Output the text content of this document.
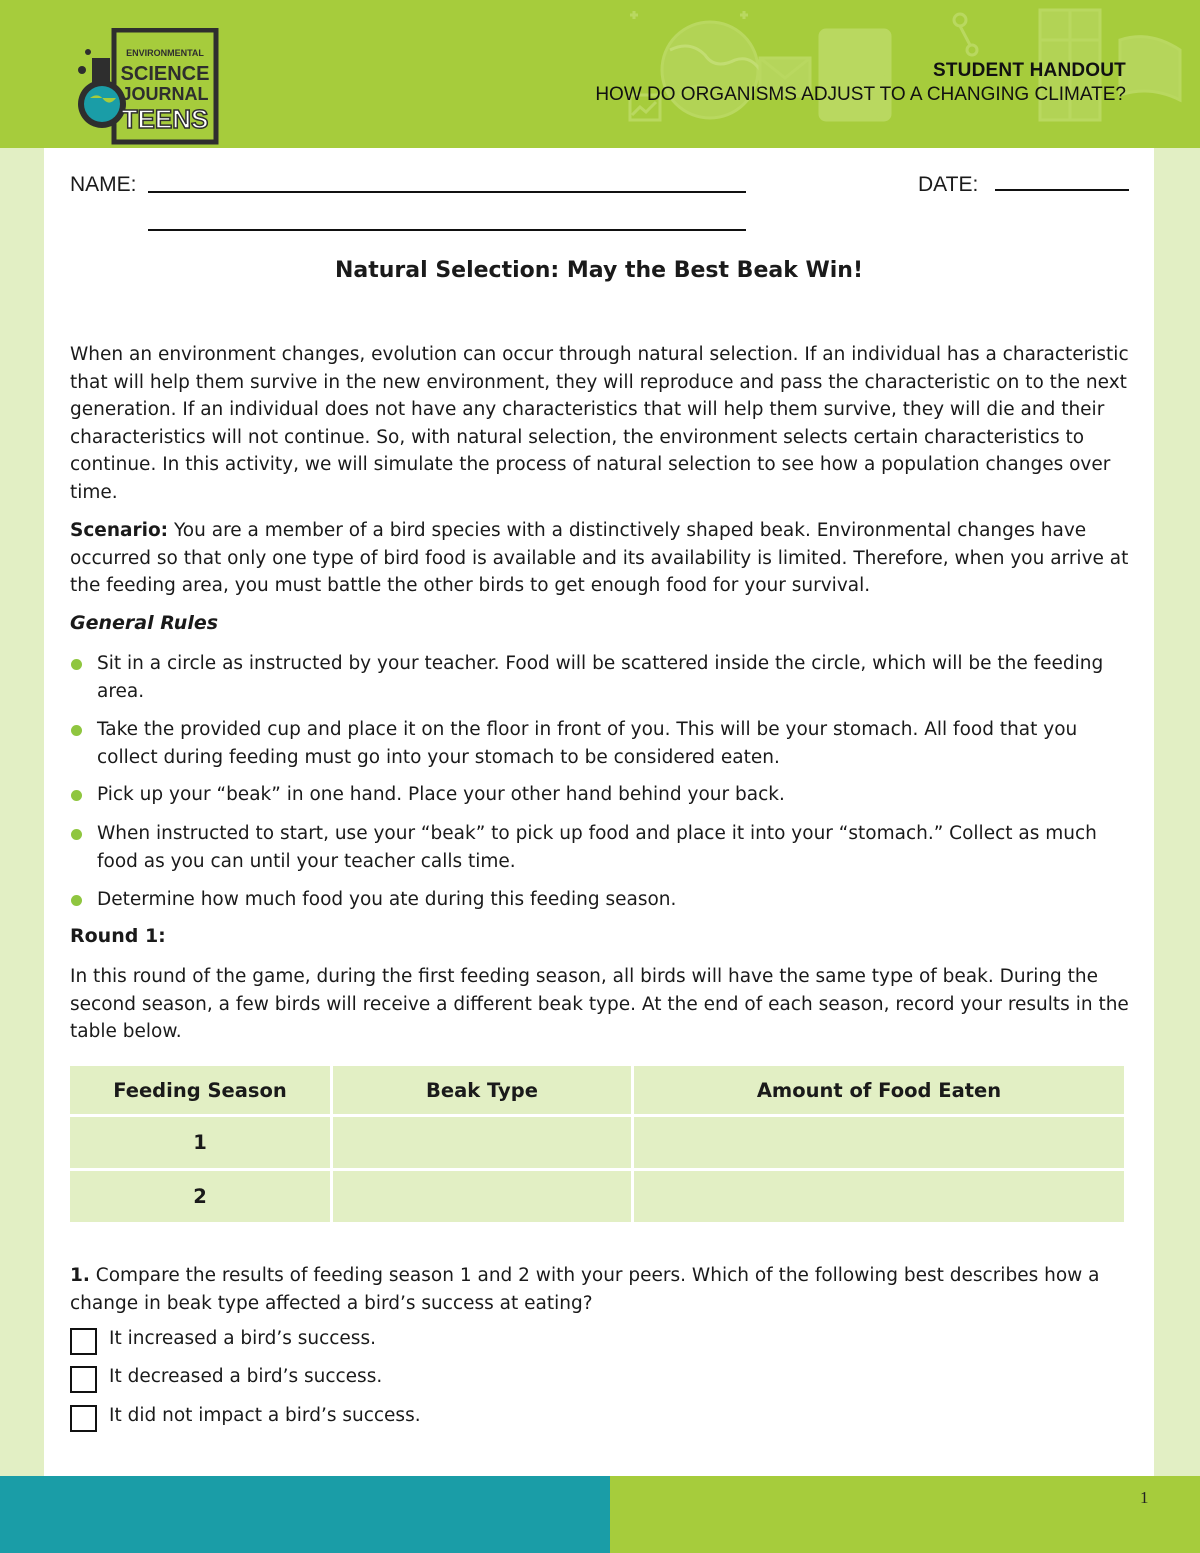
ENVIRONMENTAL
SCIENCE
JOURNAL
TEENS
STUDENT HANDOUT
HOW DO ORGANISMS ADJUST TO A CHANGING CLIMATE?
NAME:	DATE:
Natural Selection: May the Best Beak Win!
When an environment changes, evolution can occur through natural selection. If an individual has a characteristic that will help them survive in the new environment, they will reproduce and pass the characteristic on to the next generation. If an individual does not have any characteristics that will help them survive, they will die and their characteristics will not continue. So, with natural selection, the environment selects certain characteristics to continue. In this activity, we will simulate the process of natural selection to see how a population changes over time.
Scenario: You are a member of a bird species with a distinctively shaped beak. Environmental changes have occurred so that only one type of bird food is available and its availability is limited. Therefore, when you arrive at the feeding area, you must battle the other birds to get enough food for your survival.
General Rules
Sit in a circle as instructed by your teacher. Food will be scattered inside the circle, which will be the feeding area.
Take the provided cup and place it on the floor in front of you. This will be your stomach. All food that you collect during feeding must go into your stomach to be considered eaten.
Pick up your “beak” in one hand. Place your other hand behind your back.
When instructed to start, use your “beak” to pick up food and place it into your “stomach.” Collect as much food as you can until your teacher calls time.
Determine how much food you ate during this feeding season.
Round 1:
In this round of the game, during the first feeding season, all birds will have the same type of beak. During the second season, a few birds will receive a different beak type. At the end of each season, record your results in the table below.
Feeding Season	Beak Type	Amount of Food Eaten
1		
2		
1. Compare the results of feeding season 1 and 2 with your peers. Which of the following best describes how a change in beak type affected a bird’s success at eating?
It increased a bird’s success.
It decreased a bird’s success.
It did not impact a bird’s success.
1
